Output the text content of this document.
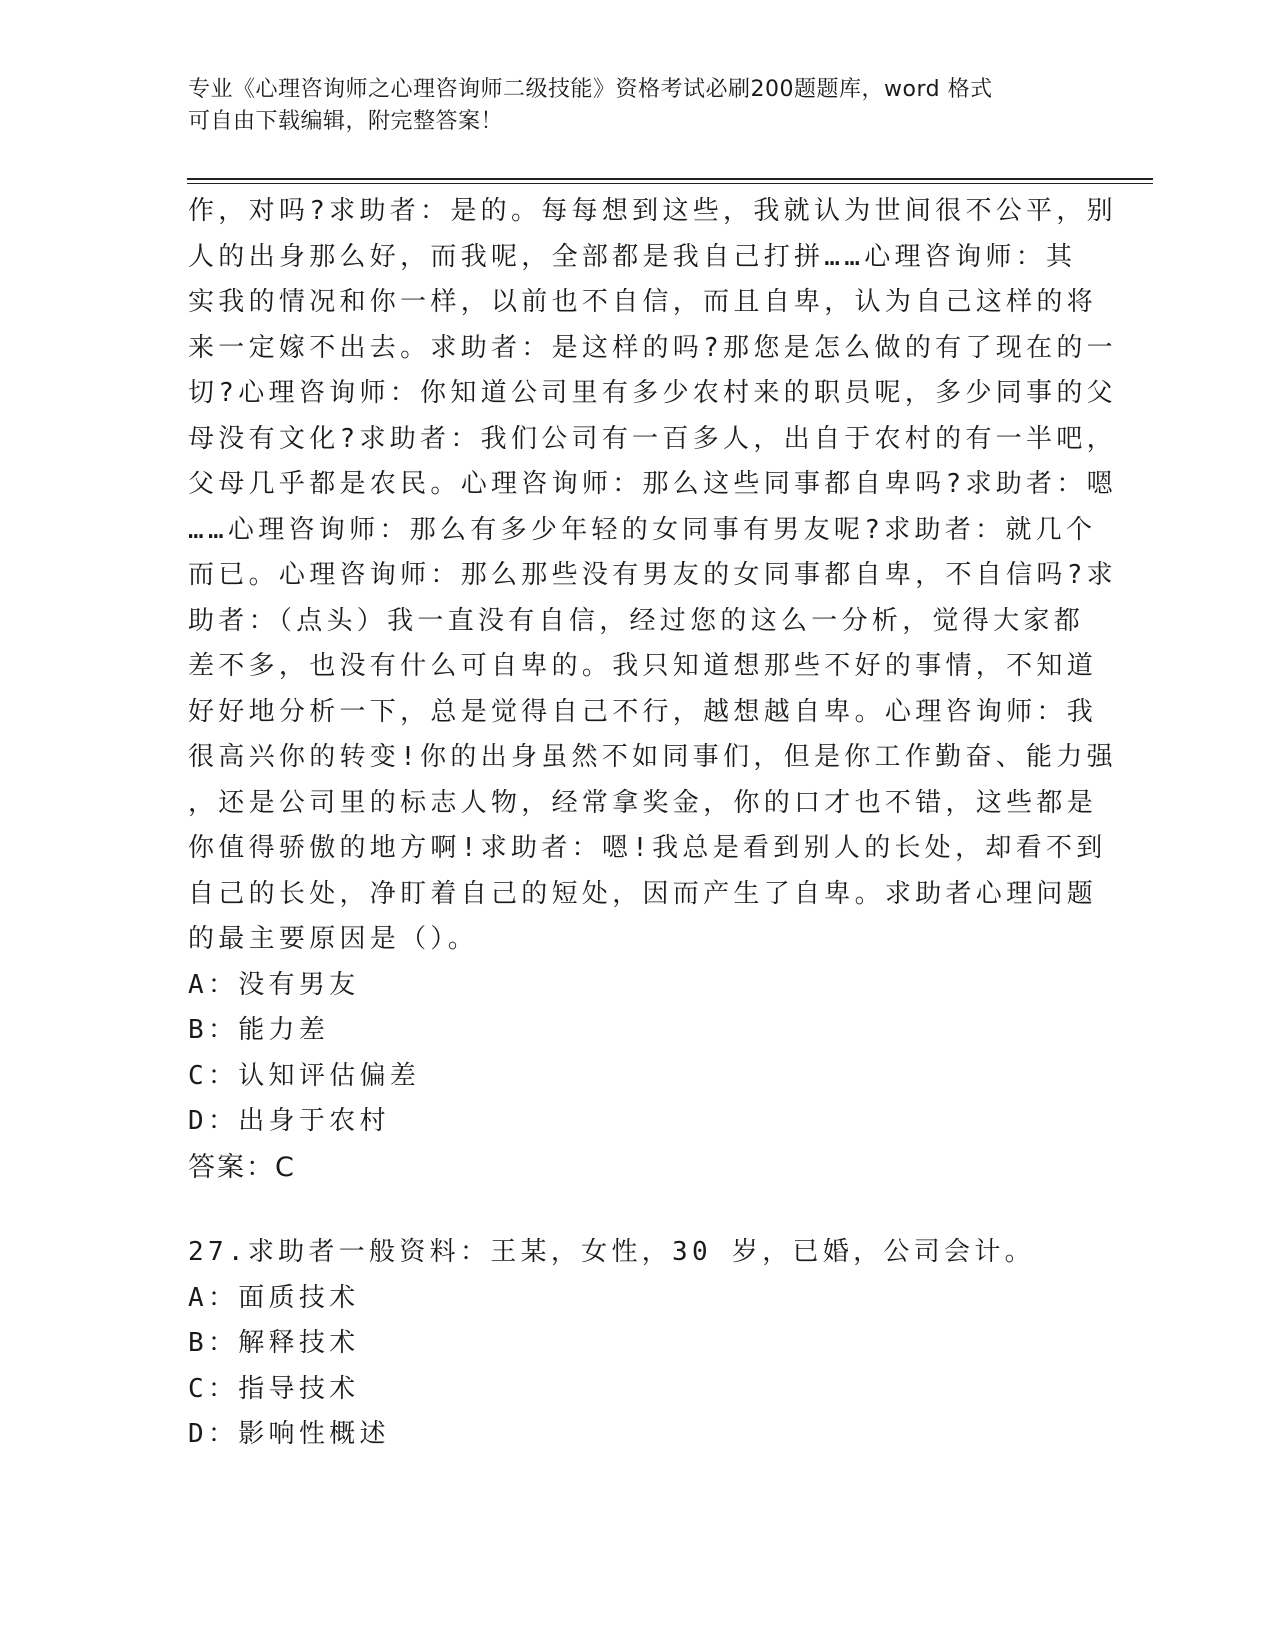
专业《心理咨询师之心理咨询师二级技能》资格考试必刷200题题库，word 格式
可自由下载编辑，附完整答案！
作，对吗?求助者：是的。每每想到这些，我就认为世间很不公平，别
人的出身那么好，而我呢，全部都是我自己打拼……心理咨询师：其
实我的情况和你一样，以前也不自信，而且自卑，认为自己这样的将
来一定嫁不出去。求助者：是这样的吗?那您是怎么做的有了现在的一
切?心理咨询师：你知道公司里有多少农村来的职员呢，多少同事的父
母没有文化?求助者：我们公司有一百多人，出自于农村的有一半吧，
父母几乎都是农民。心理咨询师：那么这些同事都自卑吗?求助者：嗯
……心理咨询师：那么有多少年轻的女同事有男友呢?求助者：就几个
而已。心理咨询师：那么那些没有男友的女同事都自卑，不自信吗?求
助者：（点头）我一直没有自信，经过您的这么一分析，觉得大家都
差不多，也没有什么可自卑的。我只知道想那些不好的事情，不知道
好好地分析一下，总是觉得自己不行，越想越自卑。心理咨询师：我
很高兴你的转变!你的出身虽然不如同事们，但是你工作勤奋、能力强
，还是公司里的标志人物，经常拿奖金，你的口才也不错，这些都是
你值得骄傲的地方啊!求助者：嗯!我总是看到别人的长处，却看不到
自己的长处，净盯着自己的短处，因而产生了自卑。求助者心理问题
的最主要原因是（）。
A：没有男友
B：能力差
C：认知评估偏差
D：出身于农村
答案：C
27.求助者一般资料：王某，女性，30 岁，已婚，公司会计。
A：面质技术
B：解释技术
C：指导技术
D：影响性概述
